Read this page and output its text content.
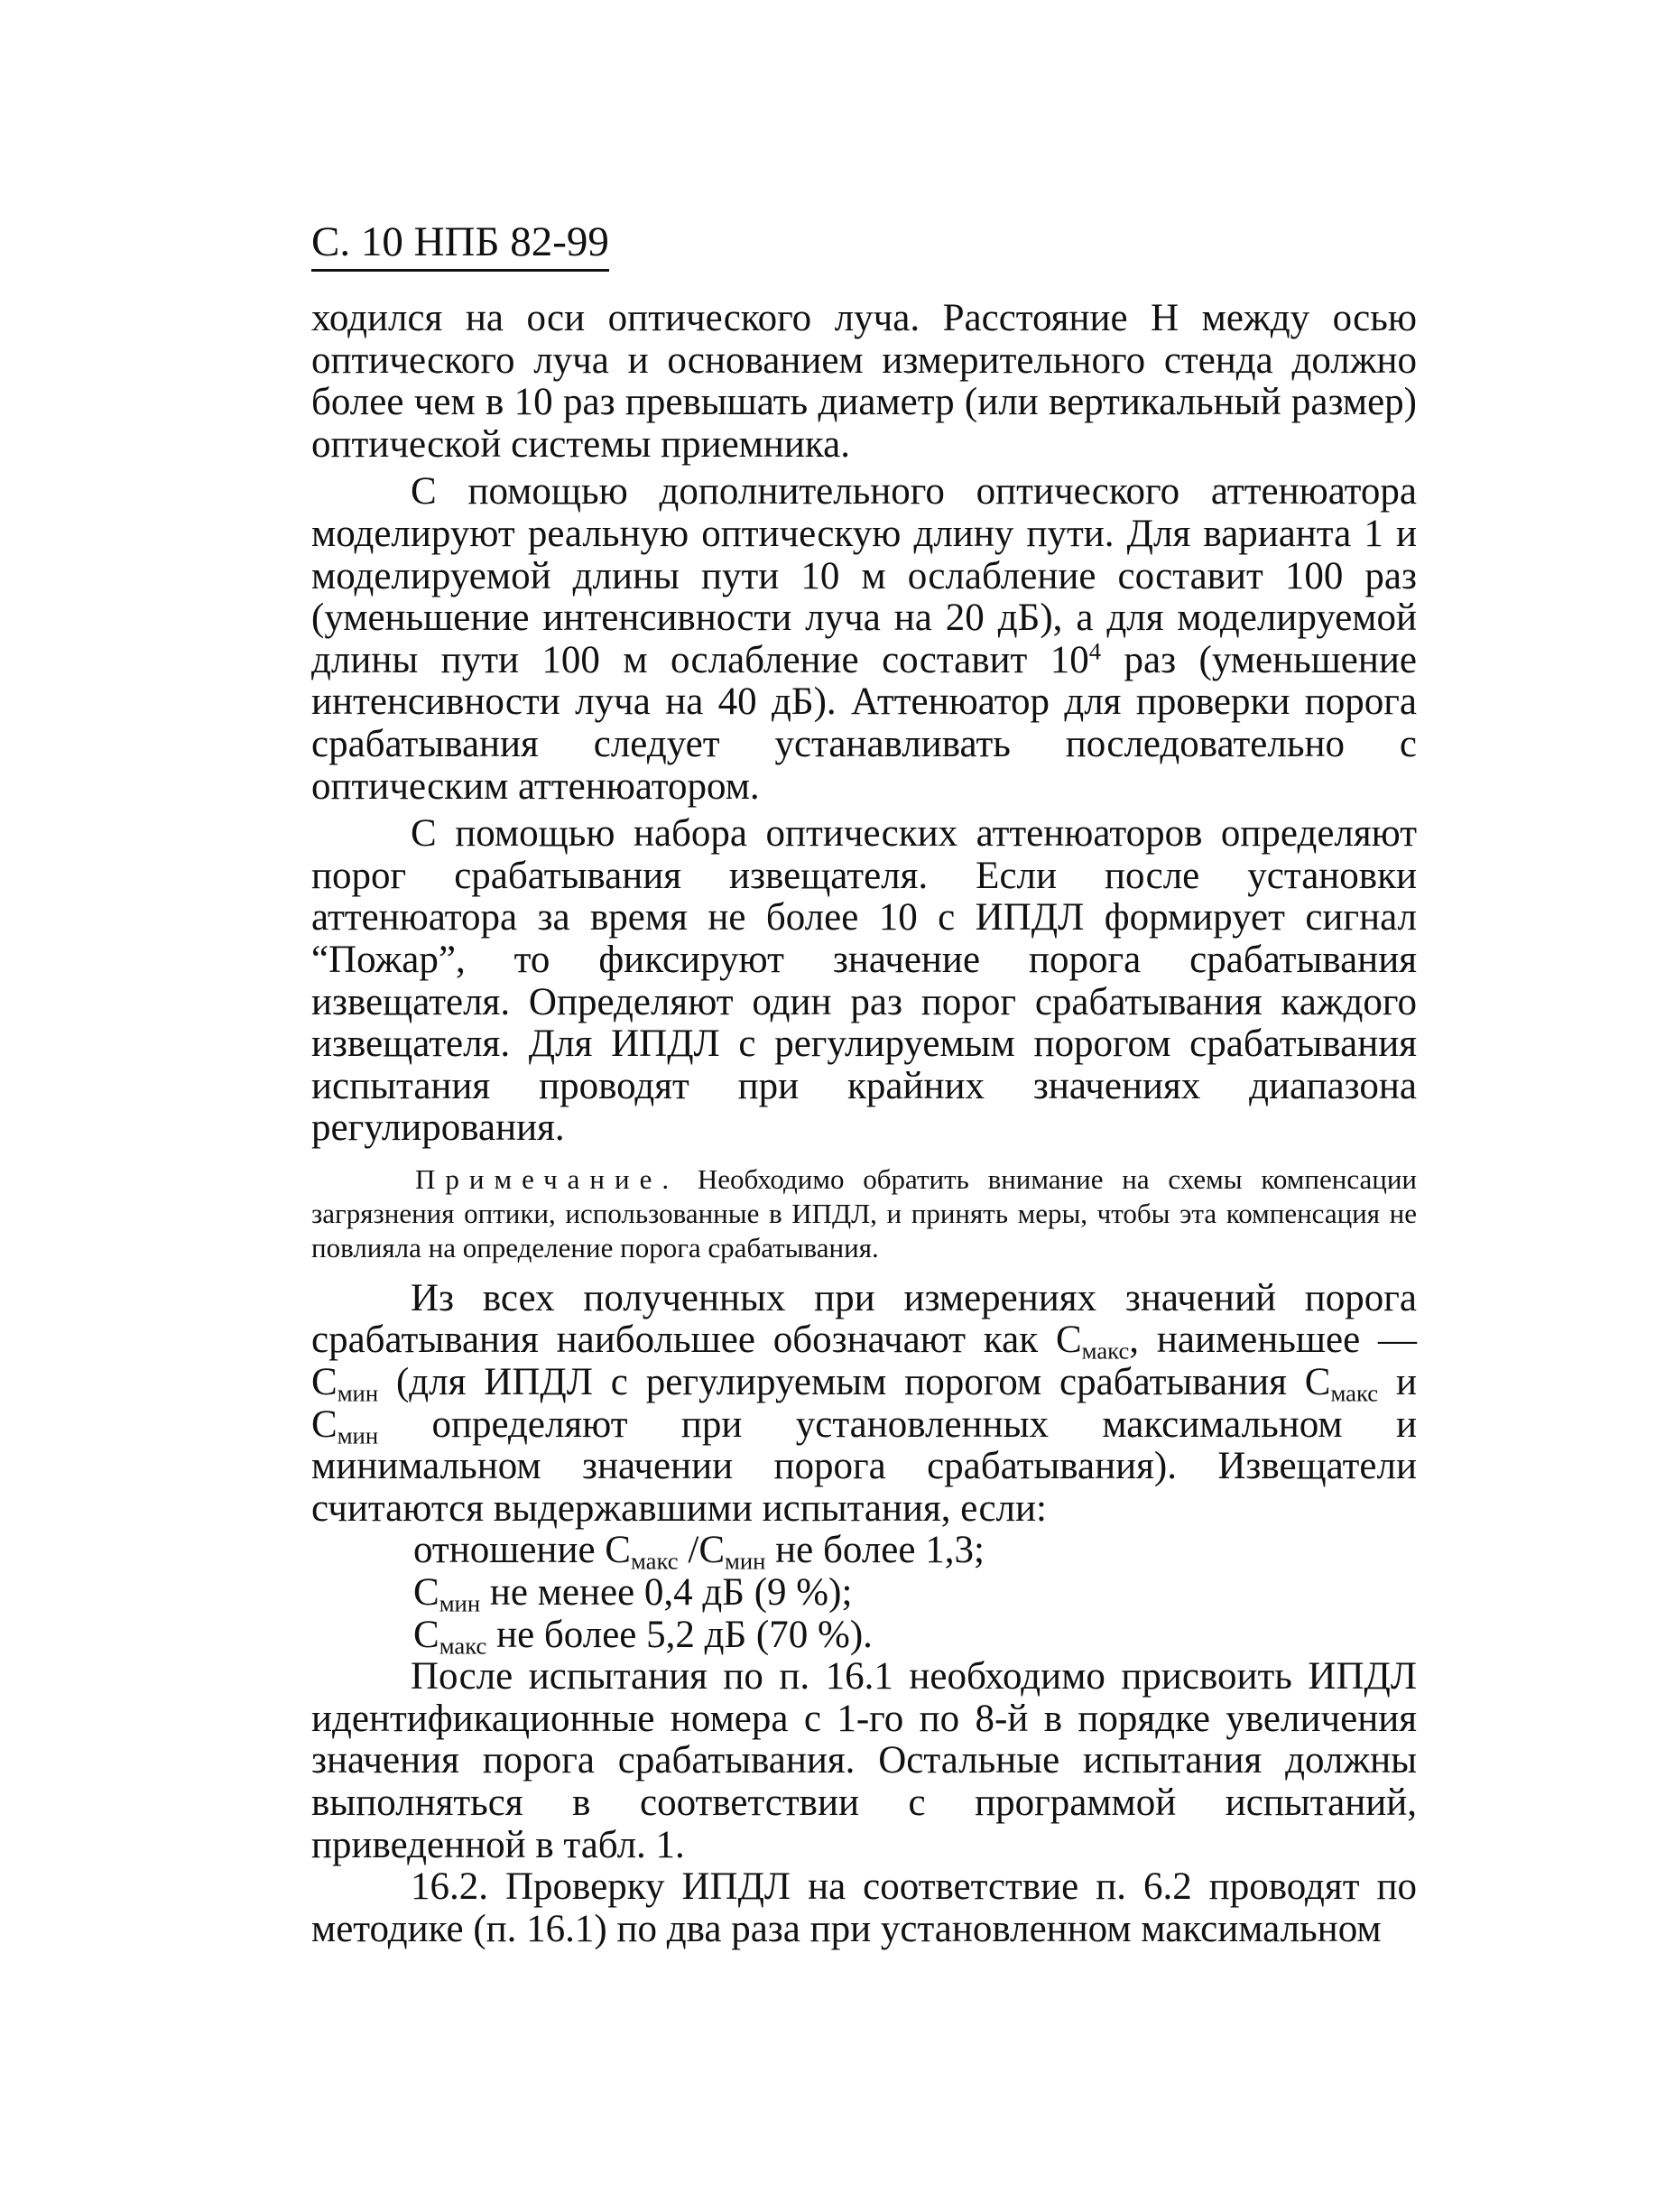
С. 10 НПБ 82-99

ходился на оси оптического луча. Расстояние Н между осью оптического луча и основанием измерительного стенда должно более чем в 10 раз превышать диаметр (или вертикальный размер) оптической системы приемника.

С помощью дополнительного оптического аттенюатора моделируют реальную оптическую длину пути. Для варианта 1 и моделируемой длины пути 10 м ослабление составит 100 раз (уменьшение интенсивности луча на 20 дБ), а для моделируемой длины пути 100 м ослабление составит $10^4$ раз (уменьшение интенсивности луча на 40 дБ). Аттенюатор для проверки порога срабатывания следует устанавливать последовательно с оптическим аттенюатором.

С помощью набора оптических аттенюаторов определяют порог срабатывания извещателя. Если после установки аттенюатора за время не более 10 с ИПДЛ формирует сигнал “Пожар”, то фиксируют значение порога срабатывания извещателя. Определяют один раз порог срабатывания каждого извещателя. Для ИПДЛ с регулируемым порогом срабатывания испытания проводят при крайних значениях диапазона регулирования.

Примечание. Необходимо обратить внимание на схемы компенсации загрязнения оптики, использованные в ИПДЛ, и принять меры, чтобы эта компенсация не повлияла на определение порога срабатывания.

Из всех полученных при измерениях значений порога срабатывания наибольшее обозначают как $С_{макс}$, наименьшее — $С_{мин}$ (для ИПДЛ с регулируемым порогом срабатывания $С_{макс}$ и $С_{мин}$ определяют при установленных максимальном и минимальном значении порога срабатывания). Извещатели считаются выдержавшими испытания, если:

отношение $С_{макс}$ $/С_{мин}$ не более 1,3;

$С_{мин}$ не менее 0,4 дБ (9 %);

$С_{макс}$ не более 5,2 дБ (70 %).

После испытания по п. 16.1 необходимо присвоить ИПДЛ идентификационные номера с 1-го по 8-й в порядке увеличения значения порога срабатывания. Остальные испытания должны выполняться в соответствии с программой испытаний, приведенной в табл. 1.

16.2. Проверку ИПДЛ на соответствие п. 6.2 проводят по методике (п. 16.1) по два раза при установленном максимальном
